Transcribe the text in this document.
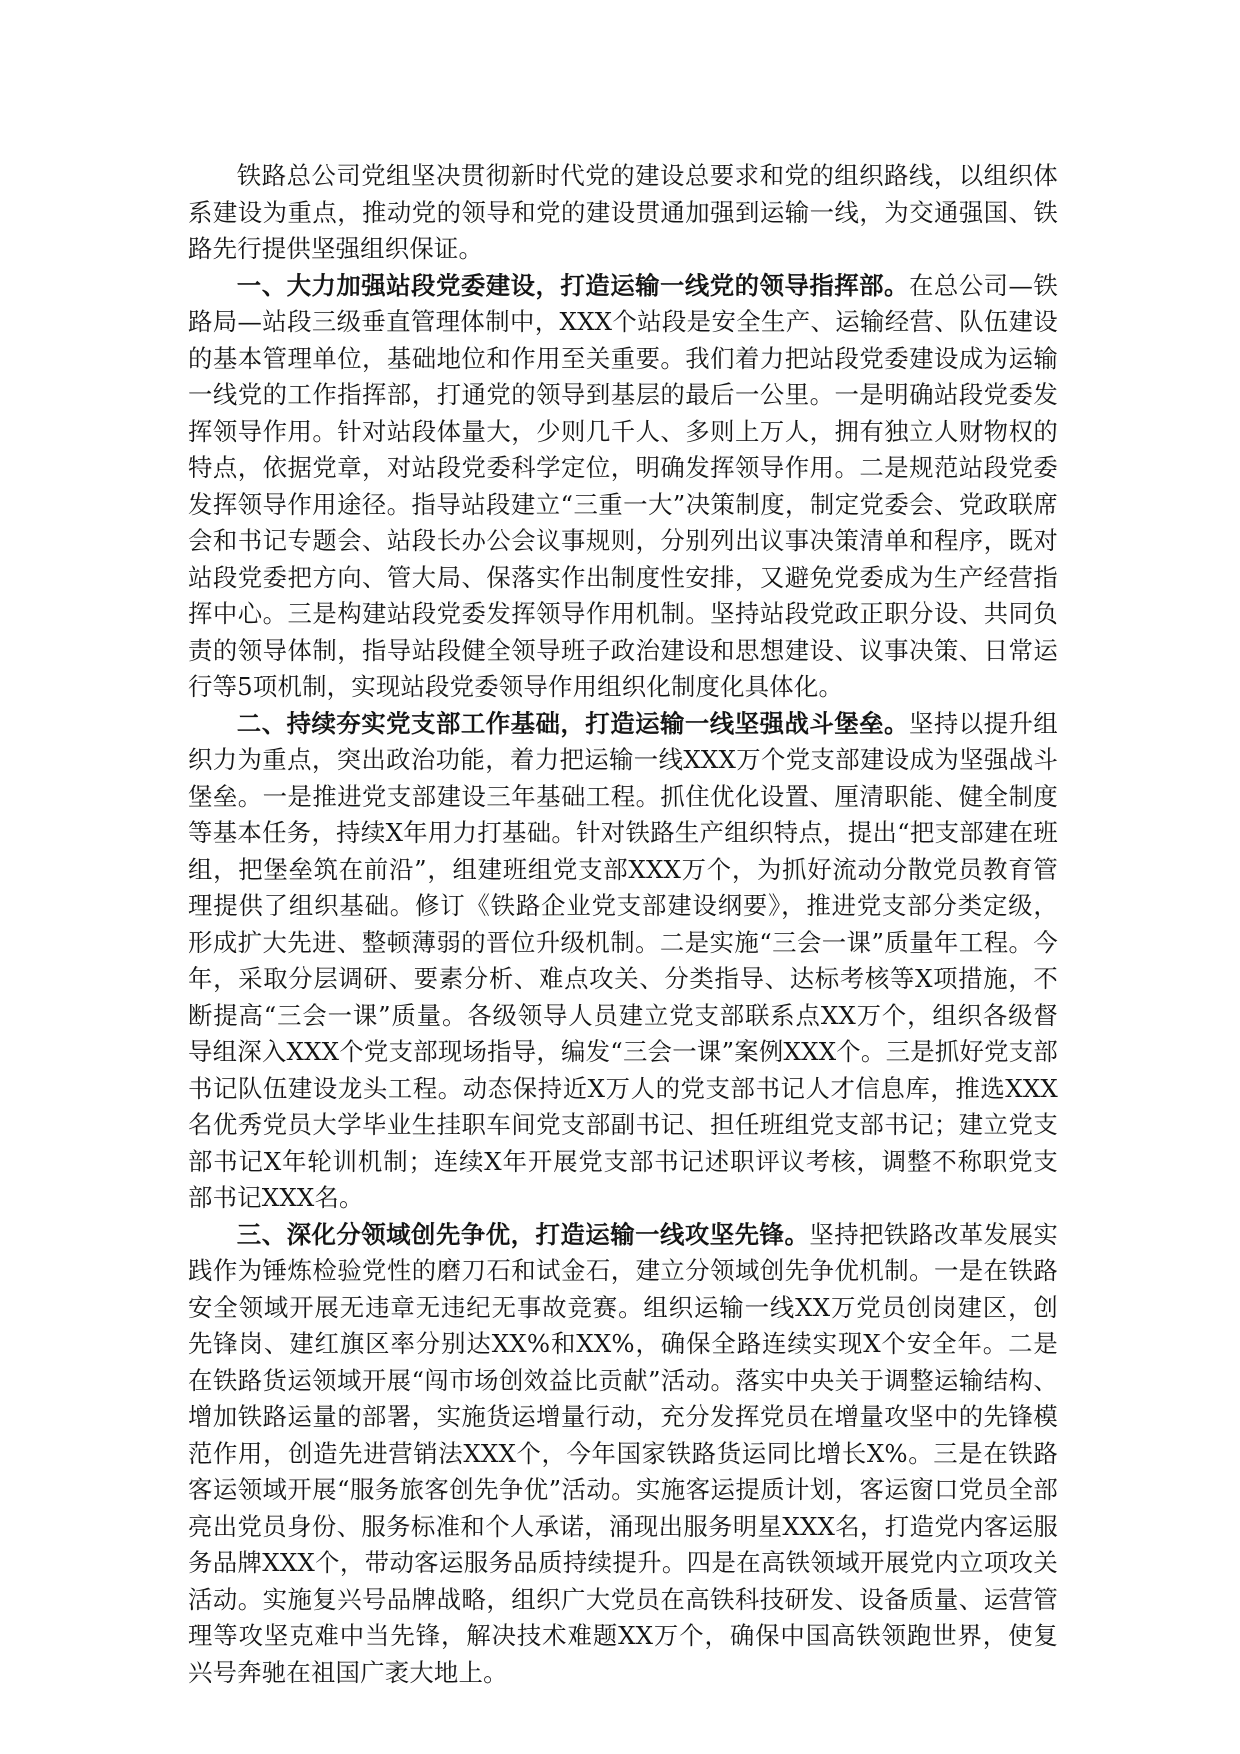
铁路总公司党组坚决贯彻新时代党的建设总要求和党的组织路线，以组织体系建设为重点，推动党的领导和党的建设贯通加强到运输一线，为交通强国、铁路先行提供坚强组织保证。

一、大力加强站段党委建设，打造运输一线党的领导指挥部。在总公司—铁路局—站段三级垂直管理体制中，XXX个站段是安全生产、运输经营、队伍建设的基本管理单位，基础地位和作用至关重要。我们着力把站段党委建设成为运输一线党的工作指挥部，打通党的领导到基层的最后一公里。一是明确站段党委发挥领导作用。针对站段体量大，少则几千人、多则上万人，拥有独立人财物权的特点，依据党章，对站段党委科学定位，明确发挥领导作用。二是规范站段党委发挥领导作用途径。指导站段建立“三重一大”决策制度，制定党委会、党政联席会和书记专题会、站段长办公会议事规则，分别列出议事决策清单和程序，既对站段党委把方向、管大局、保落实作出制度性安排，又避免党委成为生产经营指挥中心。三是构建站段党委发挥领导作用机制。坚持站段党政正职分设、共同负责的领导体制，指导站段健全领导班子政治建设和思想建设、议事决策、日常运行等5项机制，实现站段党委领导作用组织化制度化具体化。

二、持续夯实党支部工作基础，打造运输一线坚强战斗堡垒。坚持以提升组织力为重点，突出政治功能，着力把运输一线XXX万个党支部建设成为坚强战斗堡垒。一是推进党支部建设三年基础工程。抓住优化设置、厘清职能、健全制度等基本任务，持续X年用力打基础。针对铁路生产组织特点，提出“把支部建在班组，把堡垒筑在前沿”，组建班组党支部XXX万个，为抓好流动分散党员教育管理提供了组织基础。修订《铁路企业党支部建设纲要》，推进党支部分类定级，形成扩大先进、整顿薄弱的晋位升级机制。二是实施“三会一课”质量年工程。今年，采取分层调研、要素分析、难点攻关、分类指导、达标考核等X项措施，不断提高“三会一课”质量。各级领导人员建立党支部联系点XX万个，组织各级督导组深入XXX个党支部现场指导，编发“三会一课”案例XXX个。三是抓好党支部书记队伍建设龙头工程。动态保持近X万人的党支部书记人才信息库，推选XXX名优秀党员大学毕业生挂职车间党支部副书记、担任班组党支部书记；建立党支部书记X年轮训机制；连续X年开展党支部书记述职评议考核，调整不称职党支部书记XXX名。

三、深化分领域创先争优，打造运输一线攻坚先锋。坚持把铁路改革发展实践作为锤炼检验党性的磨刀石和试金石，建立分领域创先争优机制。一是在铁路安全领域开展无违章无违纪无事故竞赛。组织运输一线XX万党员创岗建区，创先锋岗、建红旗区率分别达XX%和XX%，确保全路连续实现X个安全年。二是在铁路货运领域开展“闯市场创效益比贡献”活动。落实中央关于调整运输结构、增加铁路运量的部署，实施货运增量行动，充分发挥党员在增量攻坚中的先锋模范作用，创造先进营销法XXX个，今年国家铁路货运同比增长X%。三是在铁路客运领域开展“服务旅客创先争优”活动。实施客运提质计划，客运窗口党员全部亮出党员身份、服务标准和个人承诺，涌现出服务明星XXX名，打造党内客运服务品牌XXX个，带动客运服务品质持续提升。四是在高铁领域开展党内立项攻关活动。实施复兴号品牌战略，组织广大党员在高铁科技研发、设备质量、运营管理等攻坚克难中当先锋，解决技术难题XX万个，确保中国高铁领跑世界，使复兴号奔驰在祖国广袤大地上。
